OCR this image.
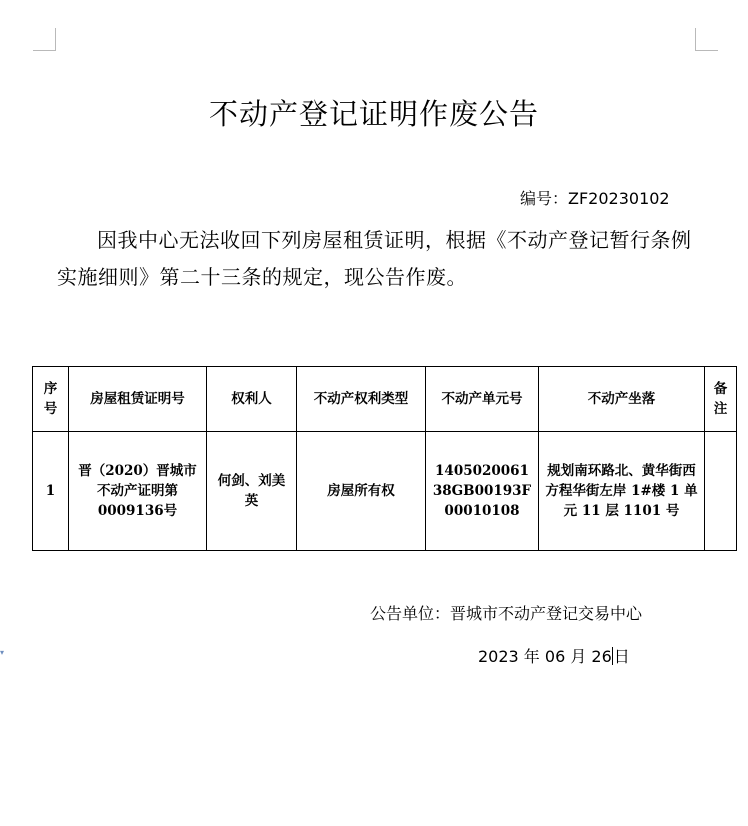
▾
不动产登记证明作废公告
编号：ZF20230102
因我中心无法收回下列房屋租赁证明，根据《不动产登记暂行条例实施细则》第二十三条的规定，现公告作废。
序号	房屋租赁证明号	权利人	不动产权利类型	不动产单元号	不动产坐落	备注
1	晋（2020）晋城市不动产证明第0009136号	何剑、刘美英	房屋所有权	140502006138GB00193F00010108	规划南环路北、黄华街西方程华街左岸 1#楼 1 单元 11 层 1101 号	
公告单位：晋城市不动产登记交易中心
2023 年 06 月 26 日
